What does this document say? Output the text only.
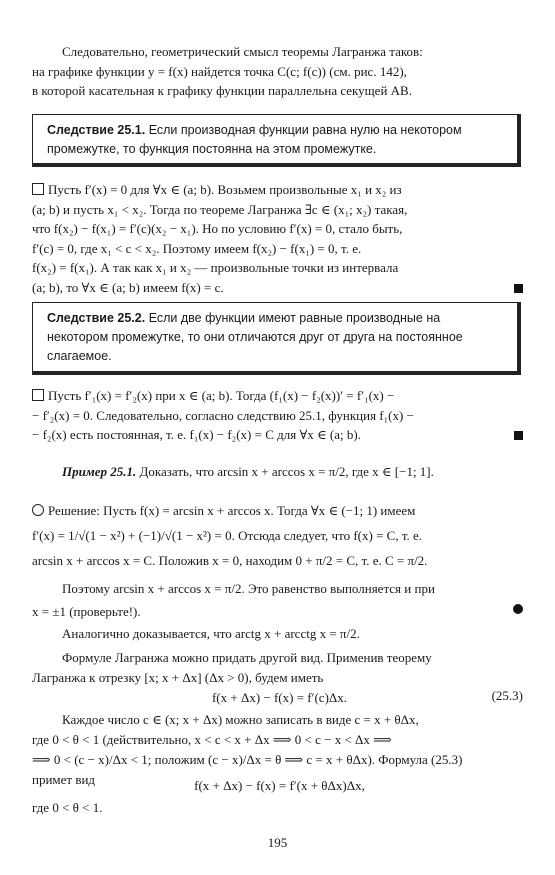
Следовательно, геометрический смысл теоремы Лагранжа таков:
на графике функции y = f(x) найдется точка C(c; f(c)) (см. рис. 142),
в которой касательная к графику функции параллельна секущей AB.
Следствие 25.1. Если производная функции равна нулю на некотором промежутке, то функция постоянна на этом промежутке.
Пусть f′(x) = 0 для ∀x ∈ (a; b). Возьмем произвольные x₁ и x₂ из
(a; b) и пусть x₁ < x₂. Тогда по теореме Лагранжа ∃c ∈ (x₁; x₂) такая,
что f(x₂) − f(x₁) = f′(c)(x₂ − x₁). Но по условию f′(x) = 0, стало быть,
f′(c) = 0, где x₁ < c < x₂. Поэтому имеем f(x₂) − f(x₁) = 0, т. е.
f(x₂) = f(x₁). А так как x₁ и x₂ — произвольные точки из интервала
(a; b), то ∀x ∈ (a; b) имеем f(x) = c.
Следствие 25.2. Если две функции имеют равные производные на некотором промежутке, то они отличаются друг от друга на постоянное слагаемое.
Пусть f′₁(x) = f′₂(x) при x ∈ (a; b). Тогда (f₁(x) − f₂(x))′ = f′₁(x) −
− f′₂(x) = 0. Следовательно, согласно следствию 25.1, функция f₁(x) −
− f₂(x) есть постоянная, т. е. f₁(x) − f₂(x) = C для ∀x ∈ (a; b).
Пример 25.1. Доказать, что arcsin x + arccos x = π/2, где x ∈ [−1; 1].
Решение: Пусть f(x) = arcsin x + arccos x. Тогда ∀x ∈ (−1; 1) имеем
f′(x) = 1/√(1 − x²) + (−1)/√(1 − x²) = 0. Отсюда следует, что f(x) = C, т. е.
arcsin x + arccos x = C. Положив x = 0, находим 0 + π/2 = C, т. е. C = π/2.
Поэтому arcsin x + arccos x = π/2. Это равенство выполняется и при
x = ±1 (проверьте!).
Аналогично доказывается, что arctg x + arcctg x = π/2.
Формуле Лагранжа можно придать другой вид. Применив теорему
Лагранжа к отрезку [x; x + Δx] (Δx > 0), будем иметь
f(x + Δx) − f(x) = f′(c)Δx.	(25.3)
Каждое число c ∈ (x; x + Δx) можно записать в виде c = x + θΔx,
где 0 < θ < 1 (действительно, x < c < x + Δx ⟹ 0 < c − x < Δx ⟹
⟹ 0 < (c − x)/Δx < 1; положим (c − x)/Δx = θ ⟹ c = x + θΔx). Формула (25.3)
примет вид	f(x + Δx) − f(x) = f′(x + θΔx)Δx,
где 0 < θ < 1.
195
